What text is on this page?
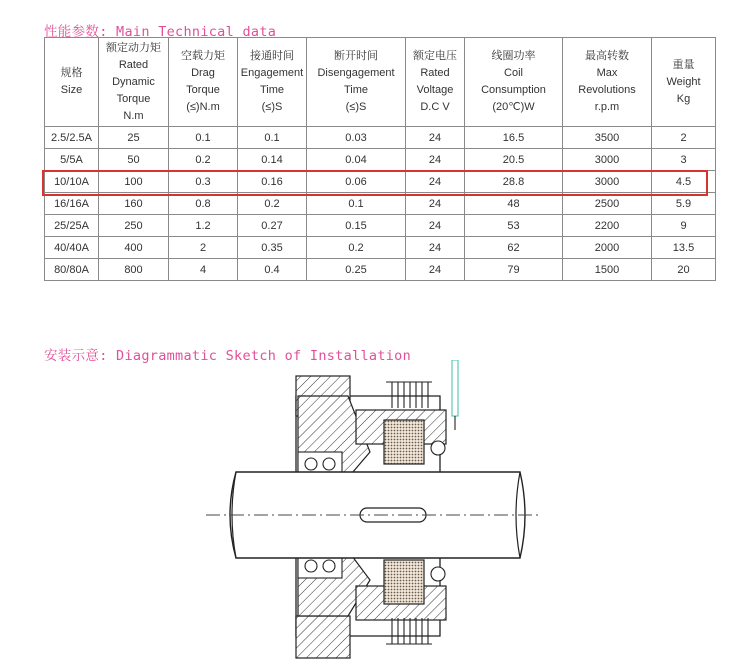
性能参数: Main Technical data
规格
Size	额定动力矩
Rated
Dynamic
Torque
N.m	空载力矩
Drag
Torque
(≤)N.m	接通时间
Engagement
Time
(≤)S	断开时间
Disengagement
Time
(≤)S	额定电压
Rated
Voltage
D.C V	线圈功率
Coil
Consumption
(20℃)W	最高转数
Max
Revolutions
r.p.m	重量
Weight
Kg

2.5/2.5A	25	0.1	0.1	0.03	24	16.5	3500	2
5/5A	50	0.2	0.14	0.04	24	20.5	3000	3
10/10A	100	0.3	0.16	0.06	24	28.8	3000	4.5
16/16A	160	0.8	0.2	0.1	24	48	2500	5.9
25/25A	250	1.2	0.27	0.15	24	53	2200	9
40/40A	400	2	0.35	0.2	24	62	2000	13.5
80/80A	800	4	0.4	0.25	24	79	1500	20
安装示意: Diagrammatic Sketch of Installation
